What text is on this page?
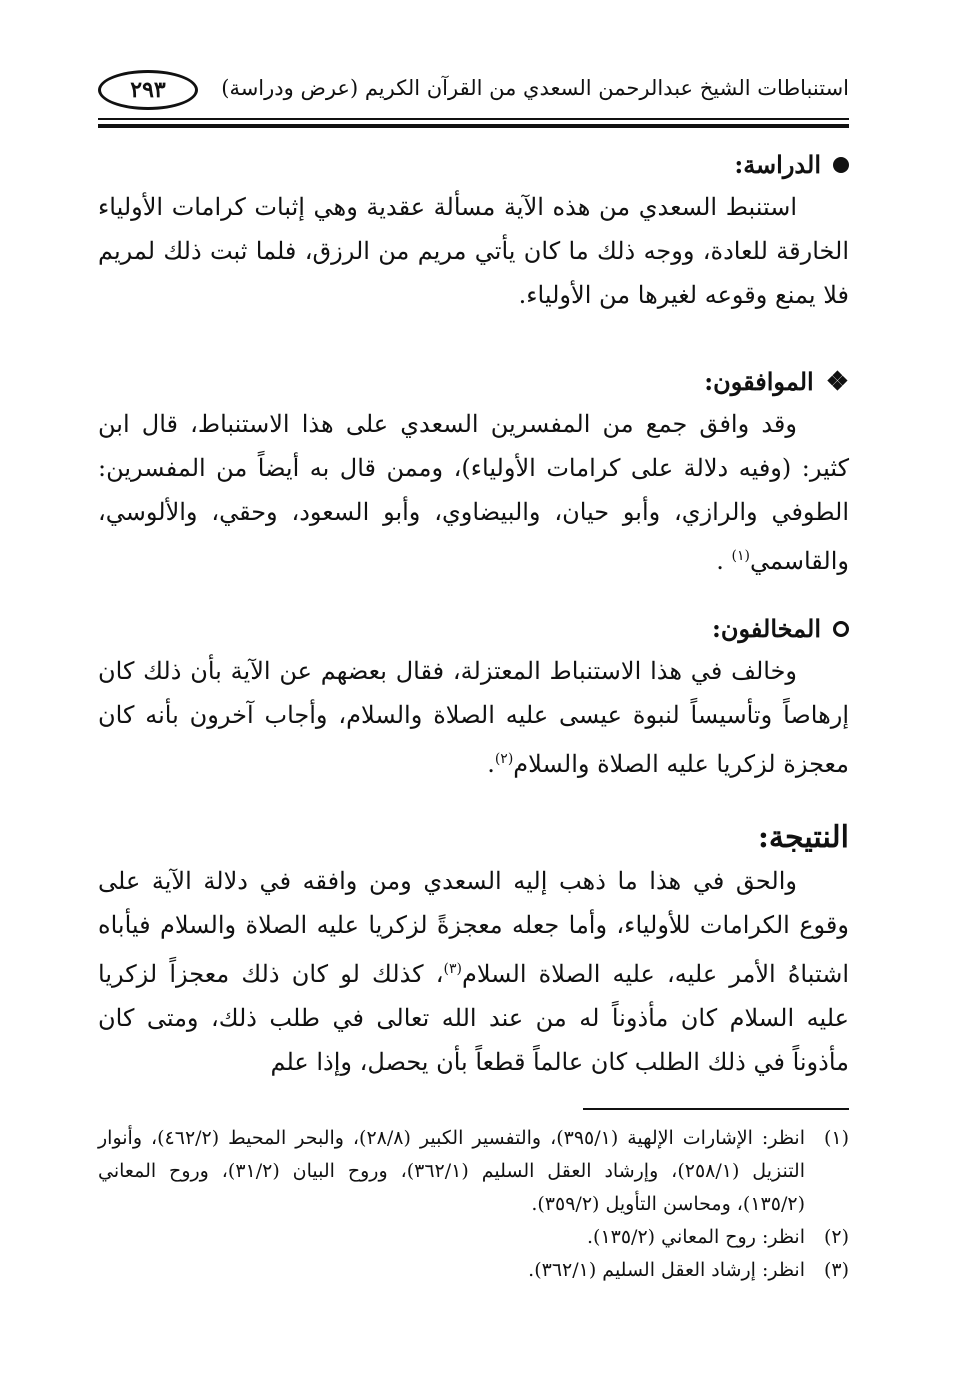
استنباطات الشيخ عبدالرحمن السعدي من القرآن الكريم (عرض ودراسة)
٢٩٣
الدراسة:
استنبط السعدي من هذه الآية مسألة عقدية وهي إثبات كرامات الأولياء الخارقة للعادة، ووجه ذلك ما كان يأتي مريم من الرزق، فلما ثبت ذلك لمريم فلا يمنع وقوعه لغيرها من الأولياء.
❖
الموافقون:
وقد وافق جمع من المفسرين السعدي على هذا الاستنباط، قال ابن كثير: (وفيه دلالة على كرامات الأولياء)، وممن قال به أيضاً من المفسرين: الطوفي والرازي، وأبو حيان، والبيضاوي، وأبو السعود، وحقي، والألوسي، والقاسمي$^{(١)}$ .
المخالفون:
وخالف في هذا الاستنباط المعتزلة، فقال بعضهم عن الآية بأن ذلك كان إرهاصاً وتأسيساً لنبوة عيسى عليه الصلاة والسلام، وأجاب آخرون بأنه كان معجزة لزكريا عليه الصلاة والسلام$^{(٢)}$.
النتيجة:
والحق في هذا ما ذهب إليه السعدي ومن وافقه في دلالة الآية على وقوع الكرامات للأولياء، وأما جعله معجزةً لزكريا عليه الصلاة والسلام فيأباه اشتباهُ الأمر عليه، عليه الصلاة السلام$^{(٣)}$، كذلك لو كان ذلك معجزاً لزكريا عليه السلام كان مأذوناً له من عند الله تعالى في طلب ذلك، ومتى كان مأذوناً في ذلك الطلب كان عالماً قطعاً بأن يحصل، وإذا علم
(١)
انظر: الإشارات الإلهية (٣٩٥/١)، والتفسير الكبير (٢٨/٨)، والبحر المحيط (٤٦٢/٢)، وأنوار التنزيل (٢٥٨/١)، وإرشاد العقل السليم (٣٦٢/١)، وروح البيان (٣١/٢)، وروح المعاني (١٣٥/٢)، ومحاسن التأويل (٣٥٩/٢).
(٢)
انظر: روح المعاني (١٣٥/٢).
(٣)
انظر: إرشاد العقل السليم (٣٦٢/١).
